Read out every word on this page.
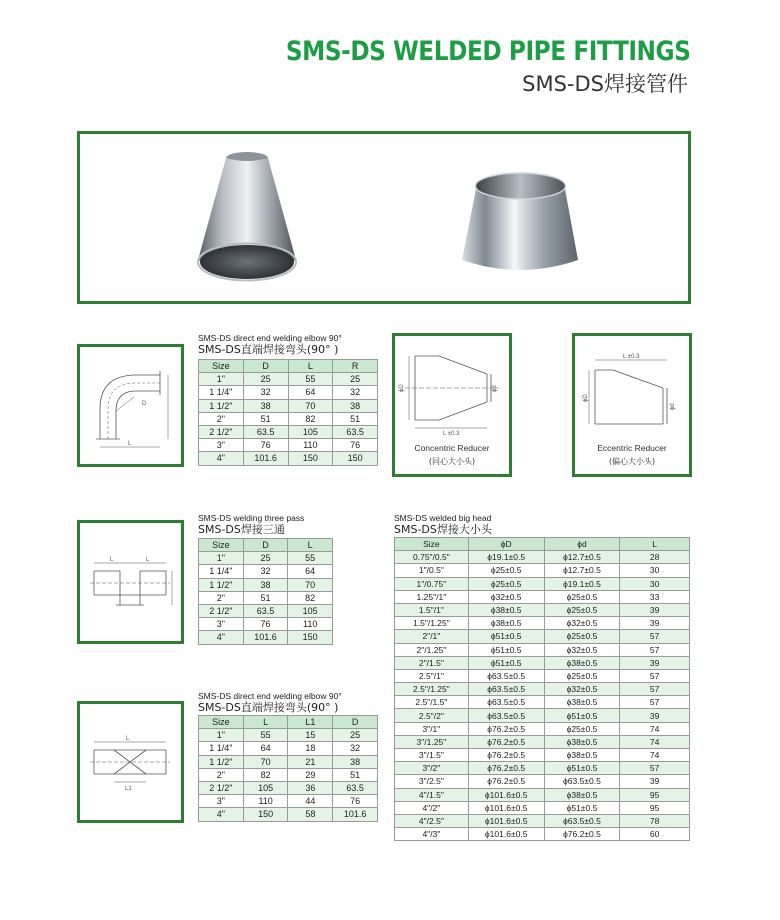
SMS-DS WELDED PIPE FITTINGS
SMS-DS焊接管件
D
L
SMS-DS direct end welding elbow 90°
SMS-DS直端焊接弯头(90° )
Size	D	L	R
1"	25	55	25
1 1/4"	32	64	32
1 1/2"	38	70	38
2"	51	82	51
2 1/2"	63.5	105	63.5
3"	76	110	76
4"	101.6	150	150
ϕD	ϕd
L ±0.3
Concentric Reducer
(同心大小头)
L ±0.3
ϕD
ϕd
Eccentric Reducer
(偏心大小头)
L	L
SMS-DS welding three pass
SMS-DS焊接三通
Size	D	L
1"	25	55
1 1/4"	32	64
1 1/2"	38	70
2"	51	82
2 1/2"	63.5	105
3"	76	110
4"	101.6	150
L
L1
SMS-DS direct end welding elbow 90°
SMS-DS直端焊接弯头(90° )
Size	L	L1	D
1"	55	15	25
1 1/4"	64	18	32
1 1/2"	70	21	38
2"	82	29	51
2 1/2"	105	36	63.5
3"	110	44	76
4"	150	58	101.6
SMS-DS welded big head
SMS-DS焊接大小头
Size	ϕD	ϕd	L
0.75"/0.5"	ϕ19.1±0.5	ϕ12.7±0.5	28
1"/0.5"	ϕ25±0.5	ϕ12.7±0.5	30
1"/0.75"	ϕ25±0.5	ϕ19.1±0.5	30
1.25"/1"	ϕ32±0.5	ϕ25±0.5	33
1.5"/1"	ϕ38±0.5	ϕ25±0.5	39
1.5"/1.25"	ϕ38±0.5	ϕ32±0.5	39
2"/1"	ϕ51±0.5	ϕ25±0.5	57
2"/1.25"	ϕ51±0.5	ϕ32±0.5	57
2"/1.5"	ϕ51±0.5	ϕ38±0.5	39
2.5"/1"	ϕ63.5±0.5	ϕ25±0.5	57
2.5"/1.25"	ϕ63.5±0.5	ϕ32±0.5	57
2.5"/1.5"	ϕ63.5±0.5	ϕ38±0.5	57
2.5"/2"	ϕ63.5±0.5	ϕ51±0.5	39
3"/1"	ϕ76.2±0.5	ϕ25±0.5	74
3"/1.25"	ϕ76.2±0.5	ϕ38±0.5	74
3"/1.5"	ϕ76.2±0.5	ϕ38±0.5	74
3"/2"	ϕ76.2±0.5	ϕ51±0.5	57
3"/2.5"	ϕ76.2±0.5	ϕ63.5±0.5	39
4"/1.5"	ϕ101.6±0.5	ϕ38±0.5	95
4"/2"	ϕ101.6±0.5	ϕ51±0.5	95
4"/2.5"	ϕ101.6±0.5	ϕ63.5±0.5	78
4"/3"	ϕ101.6±0.5	ϕ76.2±0.5	60
